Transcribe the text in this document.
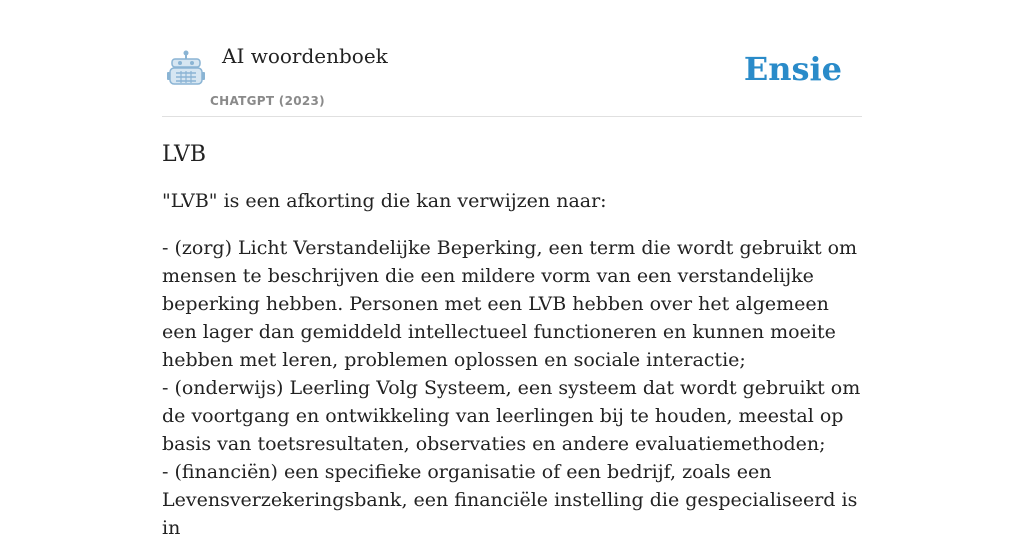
AI woordenboek
CHATGPT (2023)
Ensie
LVB

"LVB" is een afkorting die kan verwijzen naar:

- (zorg) Licht Verstandelijke Beperking, een term die wordt gebruikt om mensen te beschrijven die een mildere vorm van een verstandelijke beperking hebben. Personen met een LVB hebben over het algemeen een lager dan gemiddeld intellectueel functioneren en kunnen moeite hebben met leren, problemen oplossen en sociale interactie;

- (onderwijs) Leerling Volg Systeem, een systeem dat wordt gebruikt om de voortgang en ontwikkeling van leerlingen bij te houden, meestal op basis van toetsresultaten, observaties en andere evaluatiemethoden;

- (financiën) een specifieke organisatie of een bedrijf, zoals een Levensverzekeringsbank, een financiële instelling die gespecialiseerd is in
